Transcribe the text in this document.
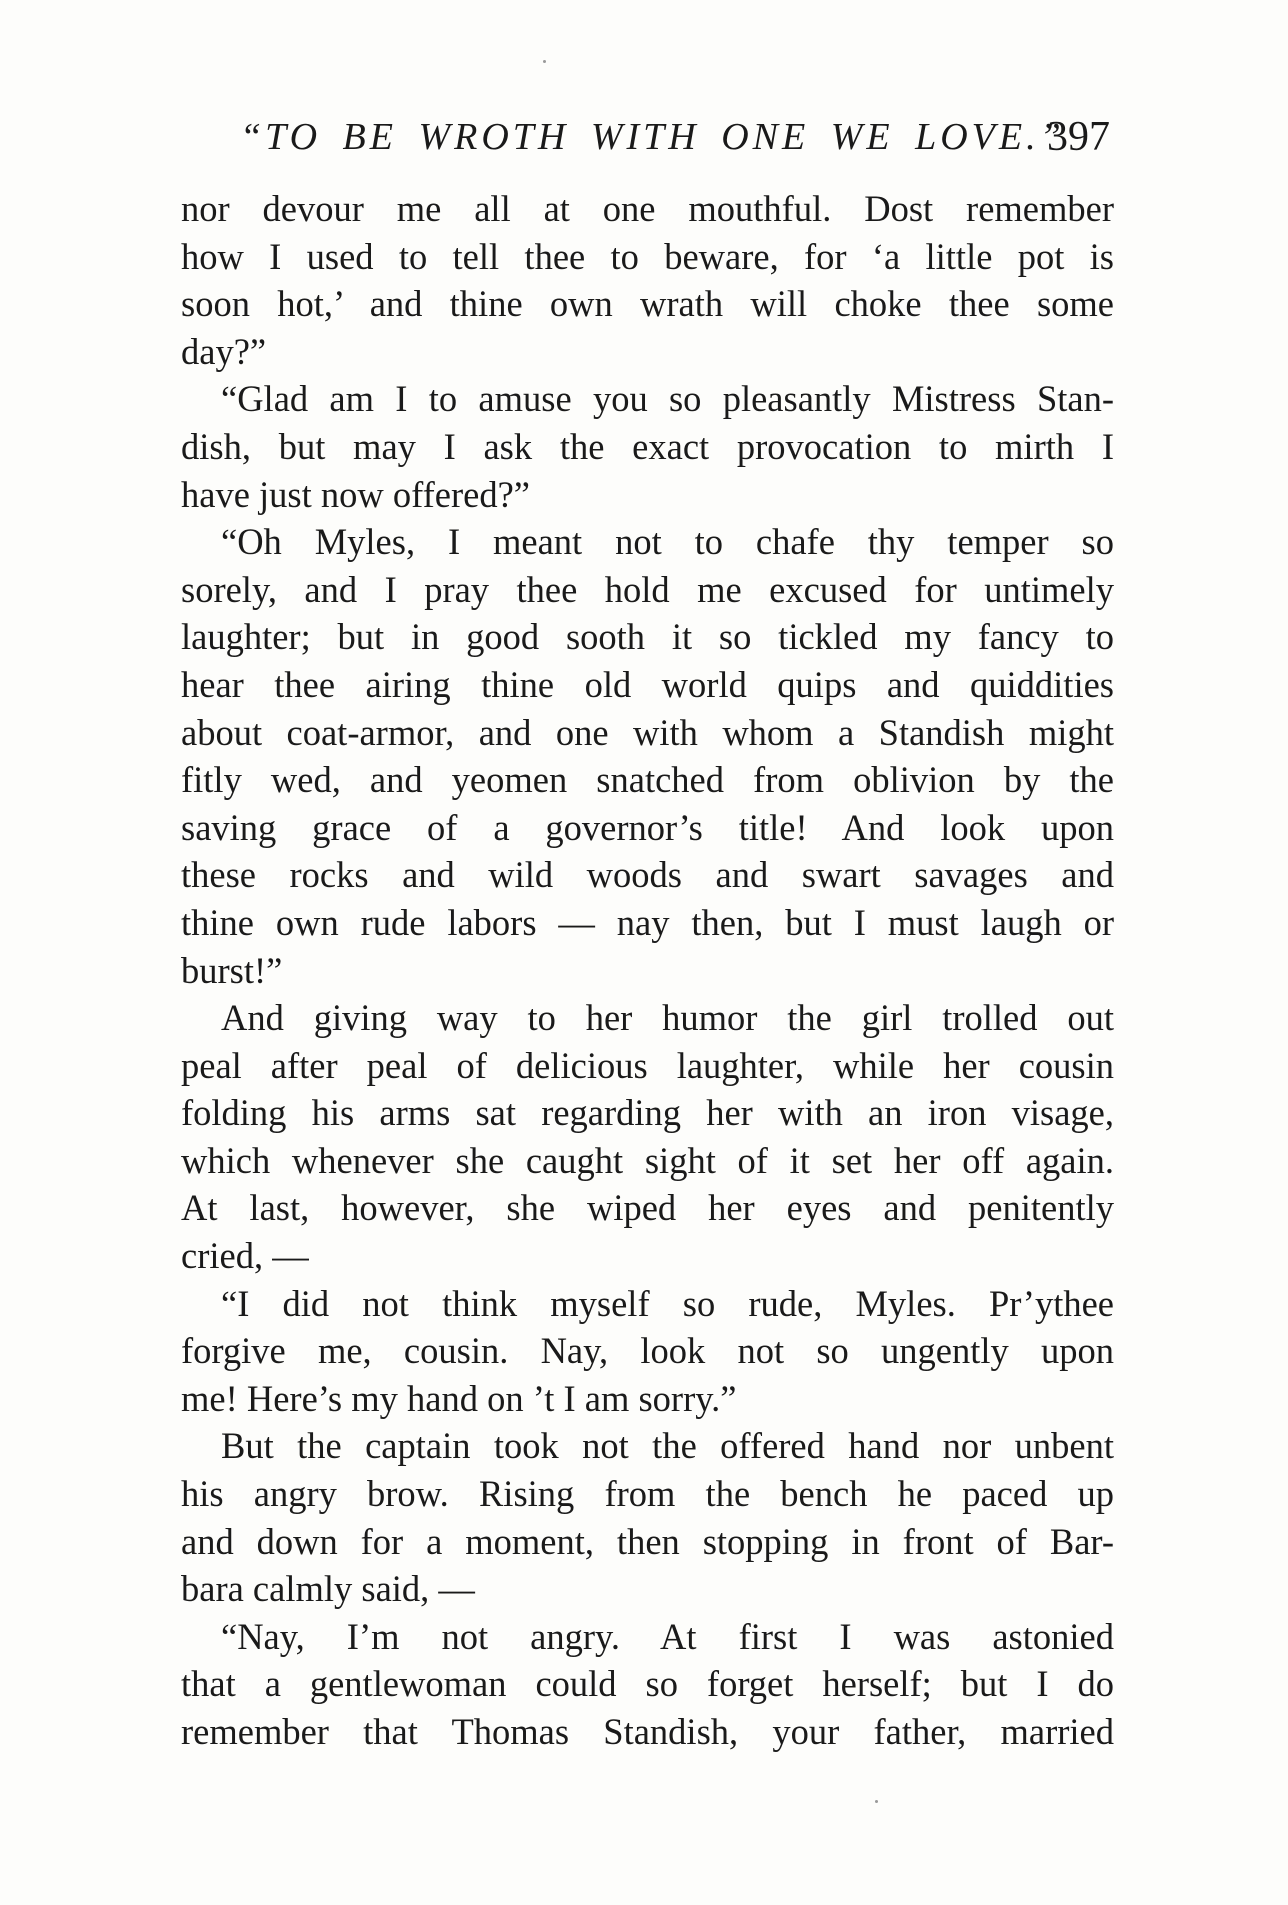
“TO BE WROTH WITH ONE WE LOVE.”
397
nor devour me all at one mouthful. Dost remember
how I used to tell thee to beware, for ‘a little pot is
soon hot,’ and thine own wrath will choke thee some
day?”
“Glad am I to amuse you so pleasantly Mistress Stan-
dish, but may I ask the exact provocation to mirth I
have just now offered?”
“Oh Myles, I meant not to chafe thy temper so
sorely, and I pray thee hold me excused for untimely
laughter; but in good sooth it so tickled my fancy to
hear thee airing thine old world quips and quiddities
about coat-armor, and one with whom a Standish might
fitly wed, and yeomen snatched from oblivion by the
saving grace of a governor’s title! And look upon
these rocks and wild woods and swart savages and
thine own rude labors — nay then, but I must laugh or
burst!”
And giving way to her humor the girl trolled out
peal after peal of delicious laughter, while her cousin
folding his arms sat regarding her with an iron visage,
which whenever she caught sight of it set her off again.
At last, however, she wiped her eyes and penitently
cried, —
“I did not think myself so rude, Myles. Pr’ythee
forgive me, cousin. Nay, look not so ungently upon
me! Here’s my hand on ’t I am sorry.”
But the captain took not the offered hand nor unbent
his angry brow. Rising from the bench he paced up
and down for a moment, then stopping in front of Bar-
bara calmly said, —
“Nay, I’m not angry. At first I was astonied
that a gentlewoman could so forget herself; but I do
remember that Thomas Standish, your father, married
